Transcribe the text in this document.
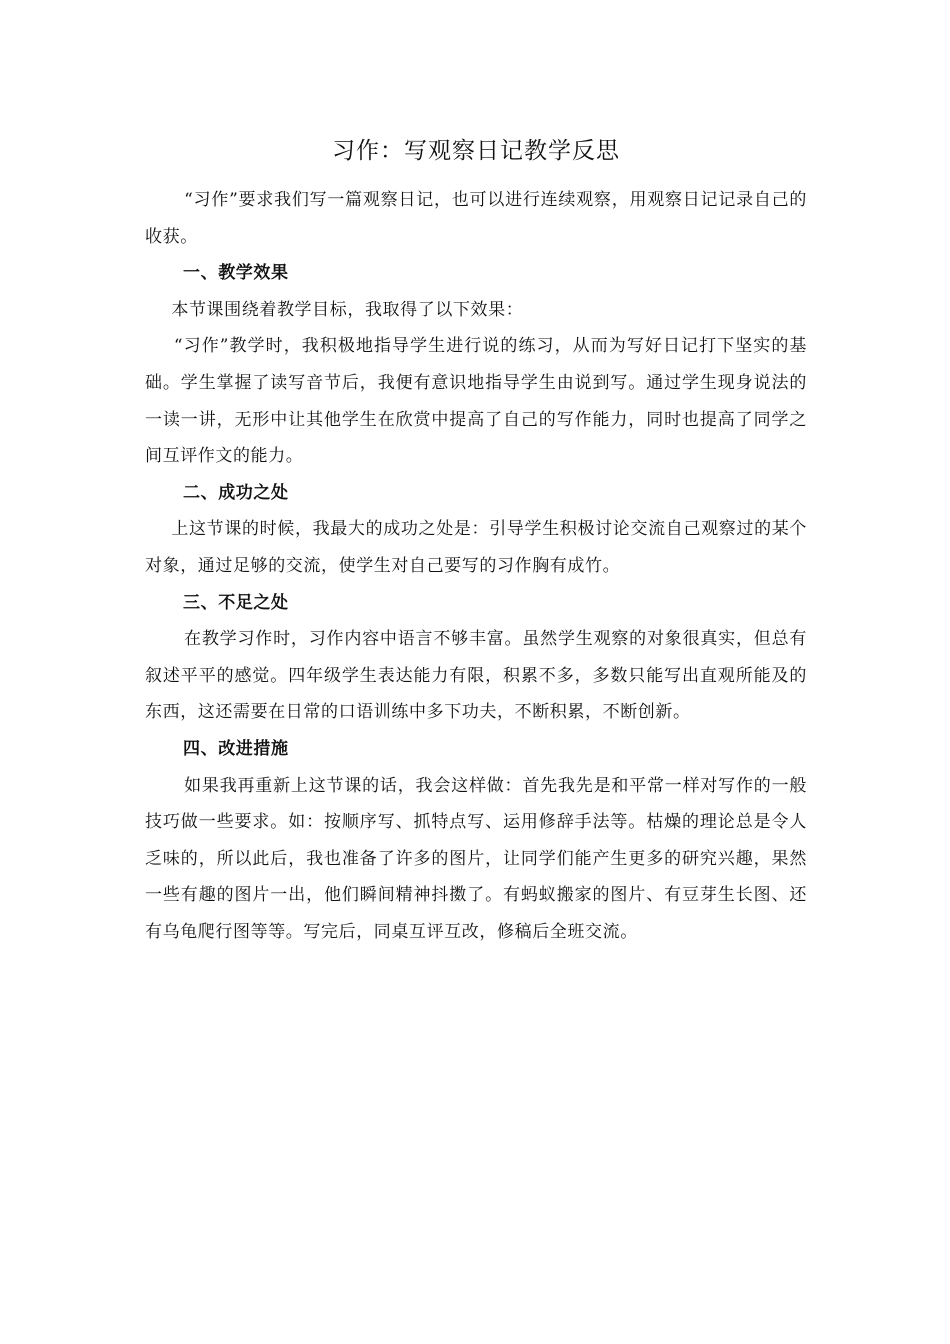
习作：写观察日记教学反思

“习作”要求我们写一篇观察日记，也可以进行连续观察，用观察日记记录自己的收获。

一、教学效果

本节课围绕着教学目标，我取得了以下效果：

“习作”教学时，我积极地指导学生进行说的练习，从而为写好日记打下坚实的基础。学生掌握了读写音节后，我便有意识地指导学生由说到写。通过学生现身说法的一读一讲，无形中让其他学生在欣赏中提高了自己的写作能力，同时也提高了同学之间互评作文的能力。

二、成功之处

上这节课的时候，我最大的成功之处是：引导学生积极讨论交流自己观察过的某个对象，通过足够的交流，使学生对自己要写的习作胸有成竹。

三、不足之处

在教学习作时，习作内容中语言不够丰富。虽然学生观察的对象很真实，但总有叙述平平的感觉。四年级学生表达能力有限，积累不多，多数只能写出直观所能及的东西，这还需要在日常的口语训练中多下功夫，不断积累，不断创新。

四、改进措施

如果我再重新上这节课的话，我会这样做：首先我先是和平常一样对写作的一般技巧做一些要求。如：按顺序写、抓特点写、运用修辞手法等。枯燥的理论总是令人乏味的，所以此后，我也准备了许多的图片，让同学们能产生更多的研究兴趣，果然一些有趣的图片一出，他们瞬间精神抖擞了。有蚂蚁搬家的图片、有豆芽生长图、还有乌龟爬行图等等。写完后，同桌互评互改，修稿后全班交流。
